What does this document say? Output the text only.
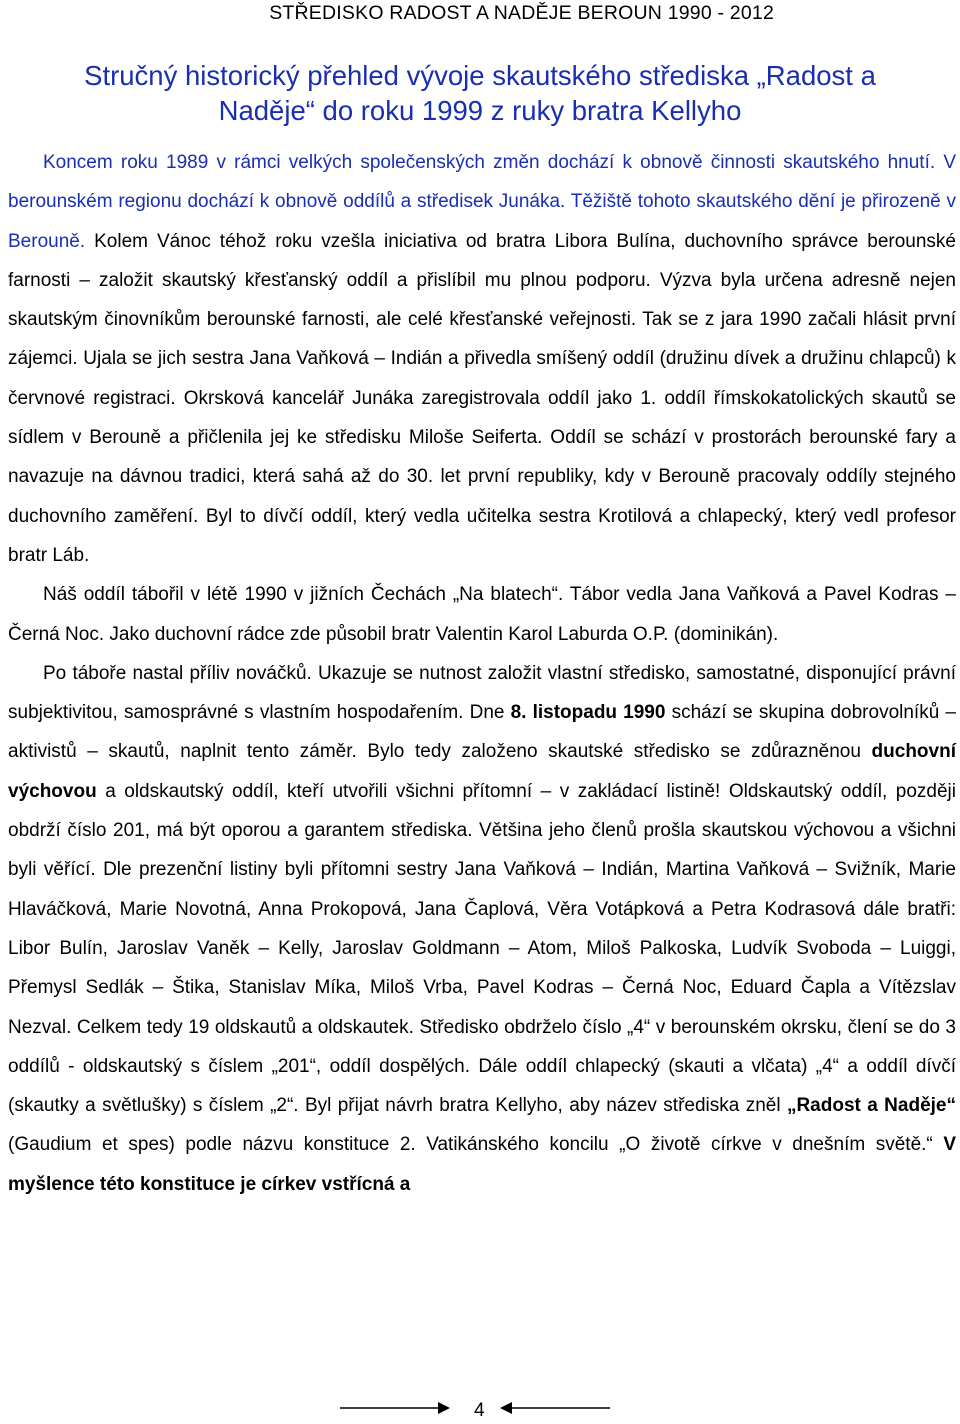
STŘEDISKO RADOST A NADĚJE BEROUN 1990 - 2012
Stručný historický přehled vývoje skautského střediska „Radost a
Naděje“ do roku 1999 z ruky bratra Kellyho

Koncem roku 1989 v rámci velkých společenských změn dochází k obnově činnosti skautského hnutí. V berounském regionu dochází k obnově oddílů a středisek Junáka. Těžiště tohoto skautského dění je přirozeně v Berouně. Kolem Vánoc téhož roku vzešla iniciativa od bratra Libora Bulína, duchovního správce berounské farnosti – založit skautský křesťanský oddíl a přislíbil mu plnou podporu. Výzva byla určena adresně nejen skautským činovníkům berounské farnosti, ale celé křesťanské veřejnosti. Tak se z jara 1990 začali hlásit první zájemci. Ujala se jich sestra Jana Vaňková – Indián a přivedla smíšený oddíl (družinu dívek a družinu chlapců) k červnové registraci. Okrsková kancelář Junáka zaregistrovala oddíl jako 1. oddíl římskokatolických skautů se sídlem v Berouně a přičlenila jej ke středisku Miloše Seiferta. Oddíl se schází v prostorách berounské fary a navazuje na dávnou tradici, která sahá až do 30. let první republiky, kdy v Berouně pracovaly oddíly stejného duchovního zaměření. Byl to dívčí oddíl, který vedla učitelka sestra Krotilová a chlapecký, který vedl profesor bratr Láb.

Náš oddíl tábořil v létě 1990 v jižních Čechách „Na blatech“. Tábor vedla Jana Vaňková a Pavel Kodras – Černá Noc. Jako duchovní rádce zde působil bratr Valentin Karol Laburda O.P. (dominikán).

Po táboře nastal příliv nováčků. Ukazuje se nutnost založit vlastní středisko, samostatné, disponující právní subjektivitou, samosprávné s vlastním hospodařením. Dne 8. listopadu 1990 schází se skupina dobrovolníků – aktivistů – skautů, naplnit tento záměr. Bylo tedy založeno skautské středisko se zdůrazněnou duchovní výchovou a oldskautský oddíl, kteří utvořili všichni přítomní – v zakládací listině! Oldskautský oddíl, později obdrží číslo 201, má být oporou a garantem střediska. Většina jeho členů prošla skautskou výchovou a všichni byli věřící. Dle prezenční listiny byli přítomni sestry Jana Vaňková – Indián, Martina Vaňková – Svižník, Marie Hlaváčková, Marie Novotná, Anna Prokopová, Jana Čaplová, Věra Votápková a Petra Kodrasová dále bratři: Libor Bulín, Jaroslav Vaněk – Kelly, Jaroslav Goldmann – Atom, Miloš Palkoska, Ludvík Svoboda – Luiggi, Přemysl Sedlák – Štika, Stanislav Míka, Miloš Vrba, Pavel Kodras – Černá Noc, Eduard Čapla a Vítězslav Nezval. Celkem tedy 19 oldskautů a oldskautek. Středisko obdrželo číslo „4“ v berounském okrsku, člení se do 3 oddílů - oldskautský s číslem „201“, oddíl dospělých. Dále oddíl chlapecký (skauti a vlčata) „4“ a oddíl dívčí (skautky a světlušky) s číslem „2“. Byl přijat návrh bratra Kellyho, aby název střediska zněl „Radost a Naděje“ (Gaudium et spes) podle názvu konstituce 2. Vatikánského koncilu „O životě církve v dnešním světě.“ V myšlence této konstituce je církev vstřícná a

4
